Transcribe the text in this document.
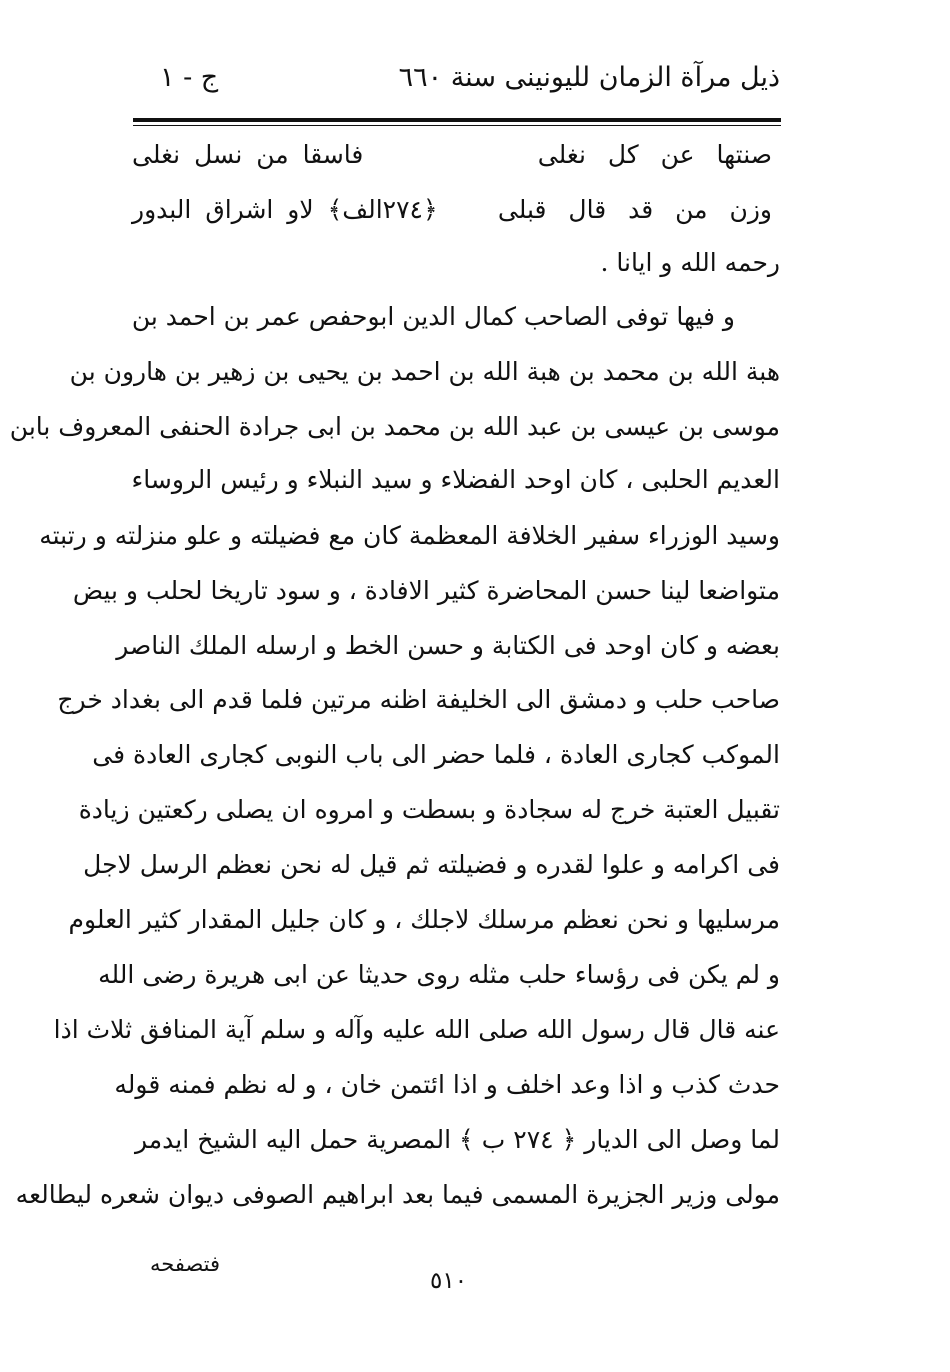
ذيل مرآة الزمان لليونينى سنة ٦٦٠
ج - ١
صنتها عن كل نغلى
فاسقا من نسل نغلى
وزن من قد قال قبلى
﴿٢٧٤الف﴾ لاو اشراق البدور
رحمه الله و ايانا .
و فيها توفى الصاحب كمال الدين ابوحفص عمر بن احمد بن
هبة الله بن محمد بن هبة الله بن احمد بن يحيى بن زهير بن هارون بن
موسى بن عيسى بن عبد الله بن محمد بن ابى جرادة الحنفى المعروف بابن
العديم الحلبى ، كان اوحد الفضلاء و سيد النبلاء و رئيس الروساء
وسيد الوزراء سفير الخلافة المعظمة كان مع فضيلته و علو منزلته و رتبته
متواضعا لينا حسن المحاضرة كثير الافادة ، و سود تاريخا لحلب و بيض
بعضه و كان اوحد فى الكتابة و حسن الخط و ارسله الملك الناصر
صاحب حلب و دمشق الى الخليفة اظنه مرتين فلما قدم الى بغداد خرج
الموكب كجارى العادة ، فلما حضر الى باب النوبى كجارى العادة فى
تقبيل العتبة خرج له سجادة و بسطت و امروه ان يصلى ركعتين زيادة
فى اكرامه و علوا لقدره و فضيلته ثم قيل له نحن نعظم الرسل لاجل
مرسليها و نحن نعظم مرسلك لاجلك ، و كان جليل المقدار كثير العلوم
و لم يكن فى رؤساء حلب مثله روى حديثا عن ابى هريرة رضى الله
عنه قال قال رسول الله صلى الله عليه وآله و سلم آية المنافق ثلاث اذا
حدث كذب و اذا وعد اخلف و اذا ائتمن خان ، و له نظم فمنه قوله
لما وصل الى الديار ﴿ ٢٧٤ ب ﴾ المصرية حمل اليه الشيخ ايدمر
مولى وزير الجزيرة المسمى فيما بعد ابراهيم الصوفى ديوان شعره ليطالعه
فتصفحه
٥١٠
